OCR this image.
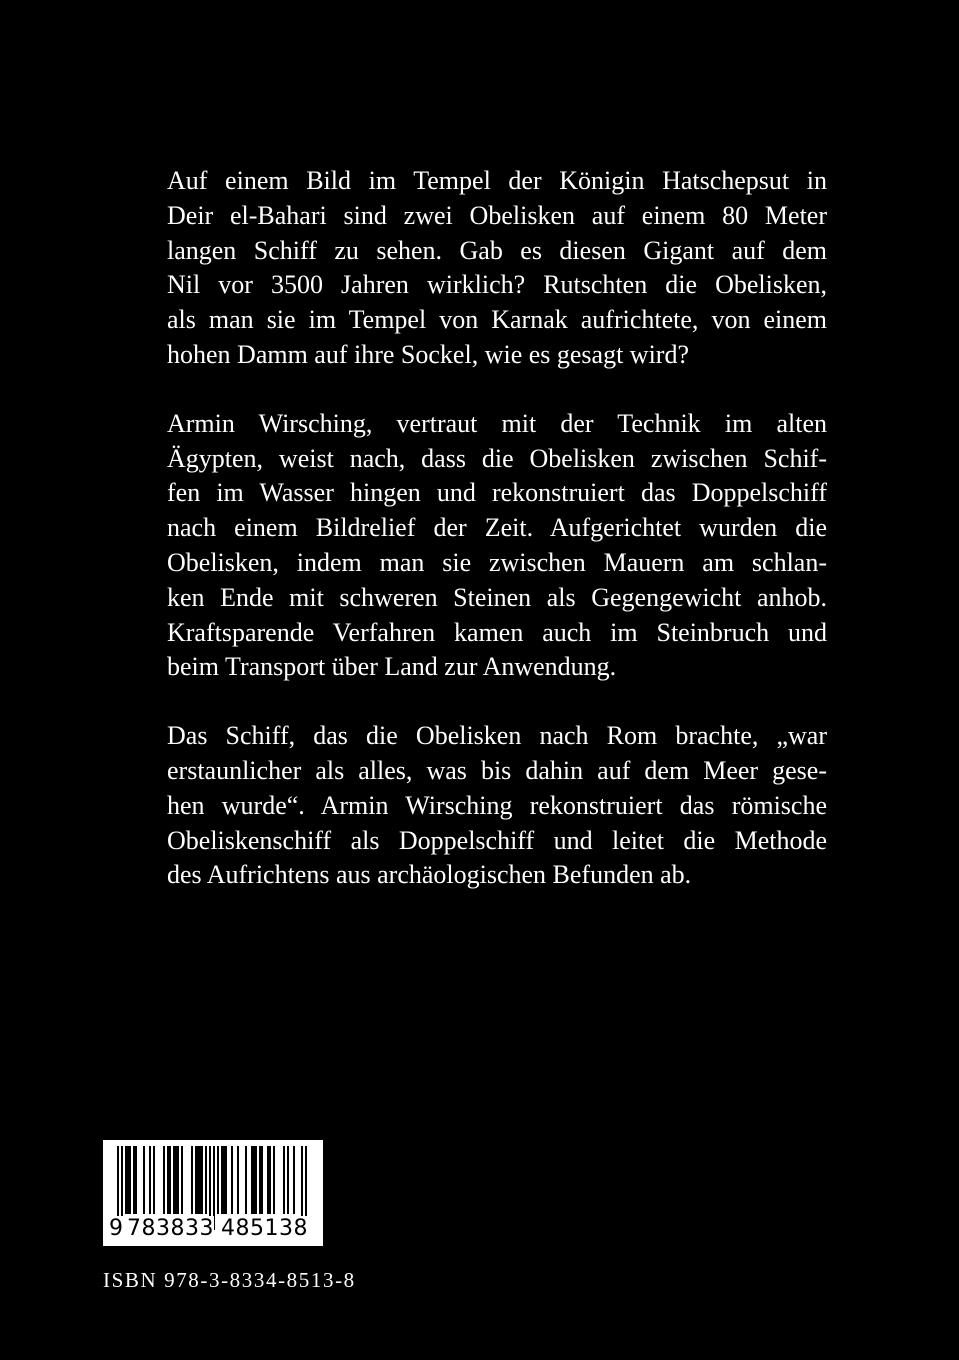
Auf einem Bild im Tempel der Königin Hatschepsut in
Deir el-Bahari sind zwei Obelisken auf einem 80 Meter
langen Schiff zu sehen. Gab es diesen Gigant auf dem
Nil vor 3500 Jahren wirklich? Rutschten die Obelisken,
als man sie im Tempel von Karnak aufrichtete, von einem
hohen Damm auf ihre Sockel, wie es gesagt wird?

Armin Wirsching, vertraut mit der Technik im alten
Ägypten, weist nach, dass die Obelisken zwischen Schif-
fen im Wasser hingen und rekonstruiert das Doppelschiff
nach einem Bildrelief der Zeit. Aufgerichtet wurden die
Obelisken, indem man sie zwischen Mauern am schlan-
ken Ende mit schweren Steinen als Gegengewicht anhob.
Kraftsparende Verfahren kamen auch im Steinbruch und
beim Transport über Land zur Anwendung.

Das Schiff, das die Obelisken nach Rom brachte, „war
erstaunlicher als alles, was bis dahin auf dem Meer gese-
hen wurde“. Armin Wirsching rekonstruiert das römische
Obeliskenschiff als Doppelschiff und leitet die Methode
des Aufrichtens aus archäologischen Befunden ab.

9 783833 485138
ISBN 978-3-8334-8513-8
